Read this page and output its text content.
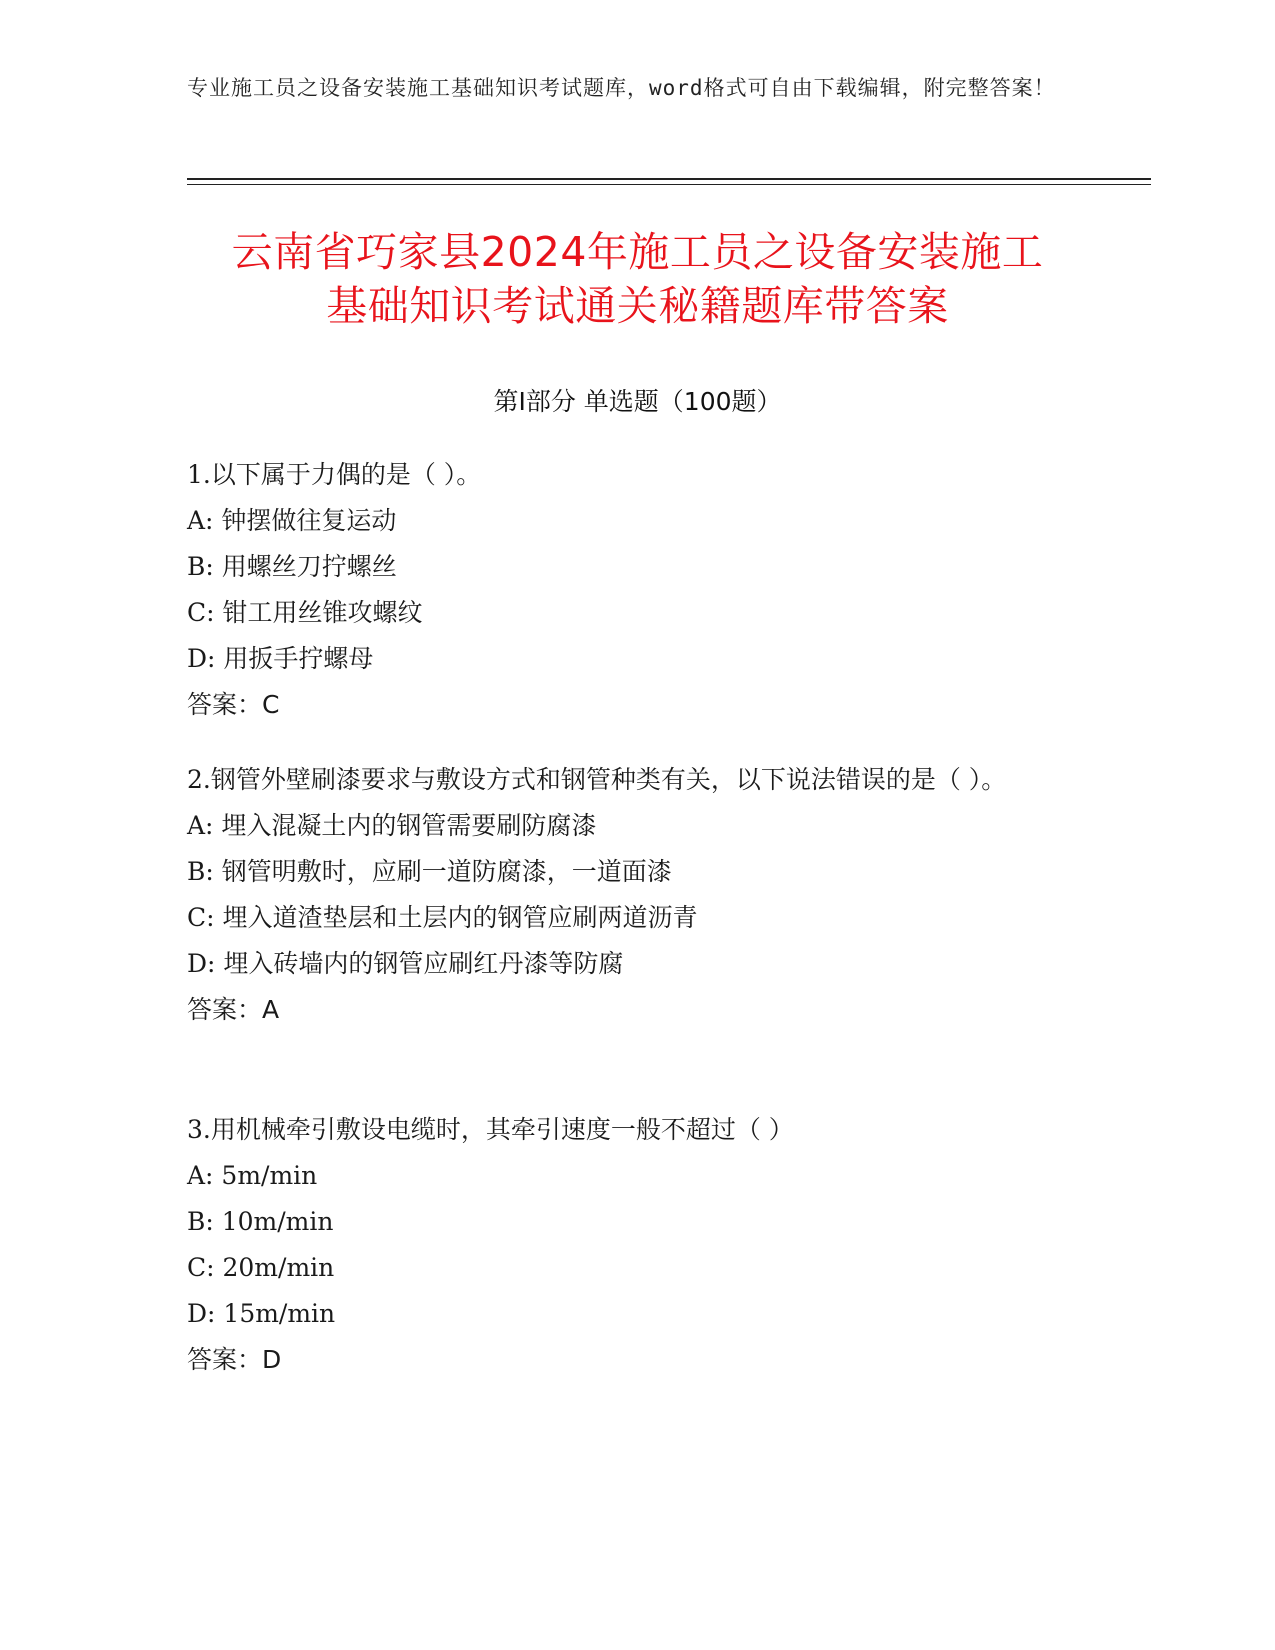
专业施工员之设备安装施工基础知识考试题库，word格式可自由下载编辑，附完整答案！
云南省巧家县2024年施工员之设备安装施工
基础知识考试通关秘籍题库带答案
第Ⅰ部分 单选题（100题）
1.以下属于力偶的是（ ）。
A: 钟摆做往复运动
B: 用螺丝刀拧螺丝
C: 钳工用丝锥攻螺纹
D: 用扳手拧螺母
答案：C
2.钢管外壁刷漆要求与敷设方式和钢管种类有关，以下说法错误的是（ ）。
A: 埋入混凝土内的钢管需要刷防腐漆
B: 钢管明敷时，应刷一道防腐漆，一道面漆
C: 埋入道渣垫层和土层内的钢管应刷两道沥青
D: 埋入砖墙内的钢管应刷红丹漆等防腐
答案：A
3.用机械牵引敷设电缆时，其牵引速度一般不超过（ ）
A: 5m/min
B: 10m/min
C: 20m/min
D: 15m/min
答案：D
